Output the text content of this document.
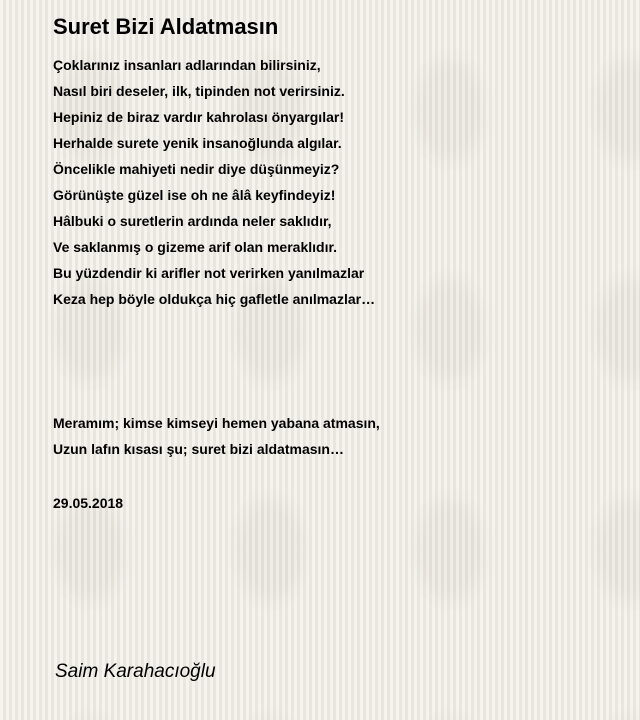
Suret Bizi Aldatmasın
Çoklarınız insanları adlarından bilirsiniz,
Nasıl biri deseler, ilk, tipinden not verirsiniz.
Hepiniz de biraz vardır kahrolası önyargılar!
Herhalde surete yenik insanoğlunda algılar.
Öncelikle mahiyeti nedir diye düşünmeyiz?
Görünüşte güzel ise oh ne âlâ keyfindeyiz!
Hâlbuki o suretlerin ardında neler saklıdır,
Ve saklanmış o gizeme arif olan meraklıdır.
Bu yüzdendir ki arifler not verirken yanılmazlar
Keza hep böyle oldukça hiç gafletle anılmazlar…
Meramım; kimse kimseyi hemen yabana atmasın,
Uzun lafın kısası şu; suret bizi aldatmasın…
29.05.2018
Saim Karahacıoğlu
